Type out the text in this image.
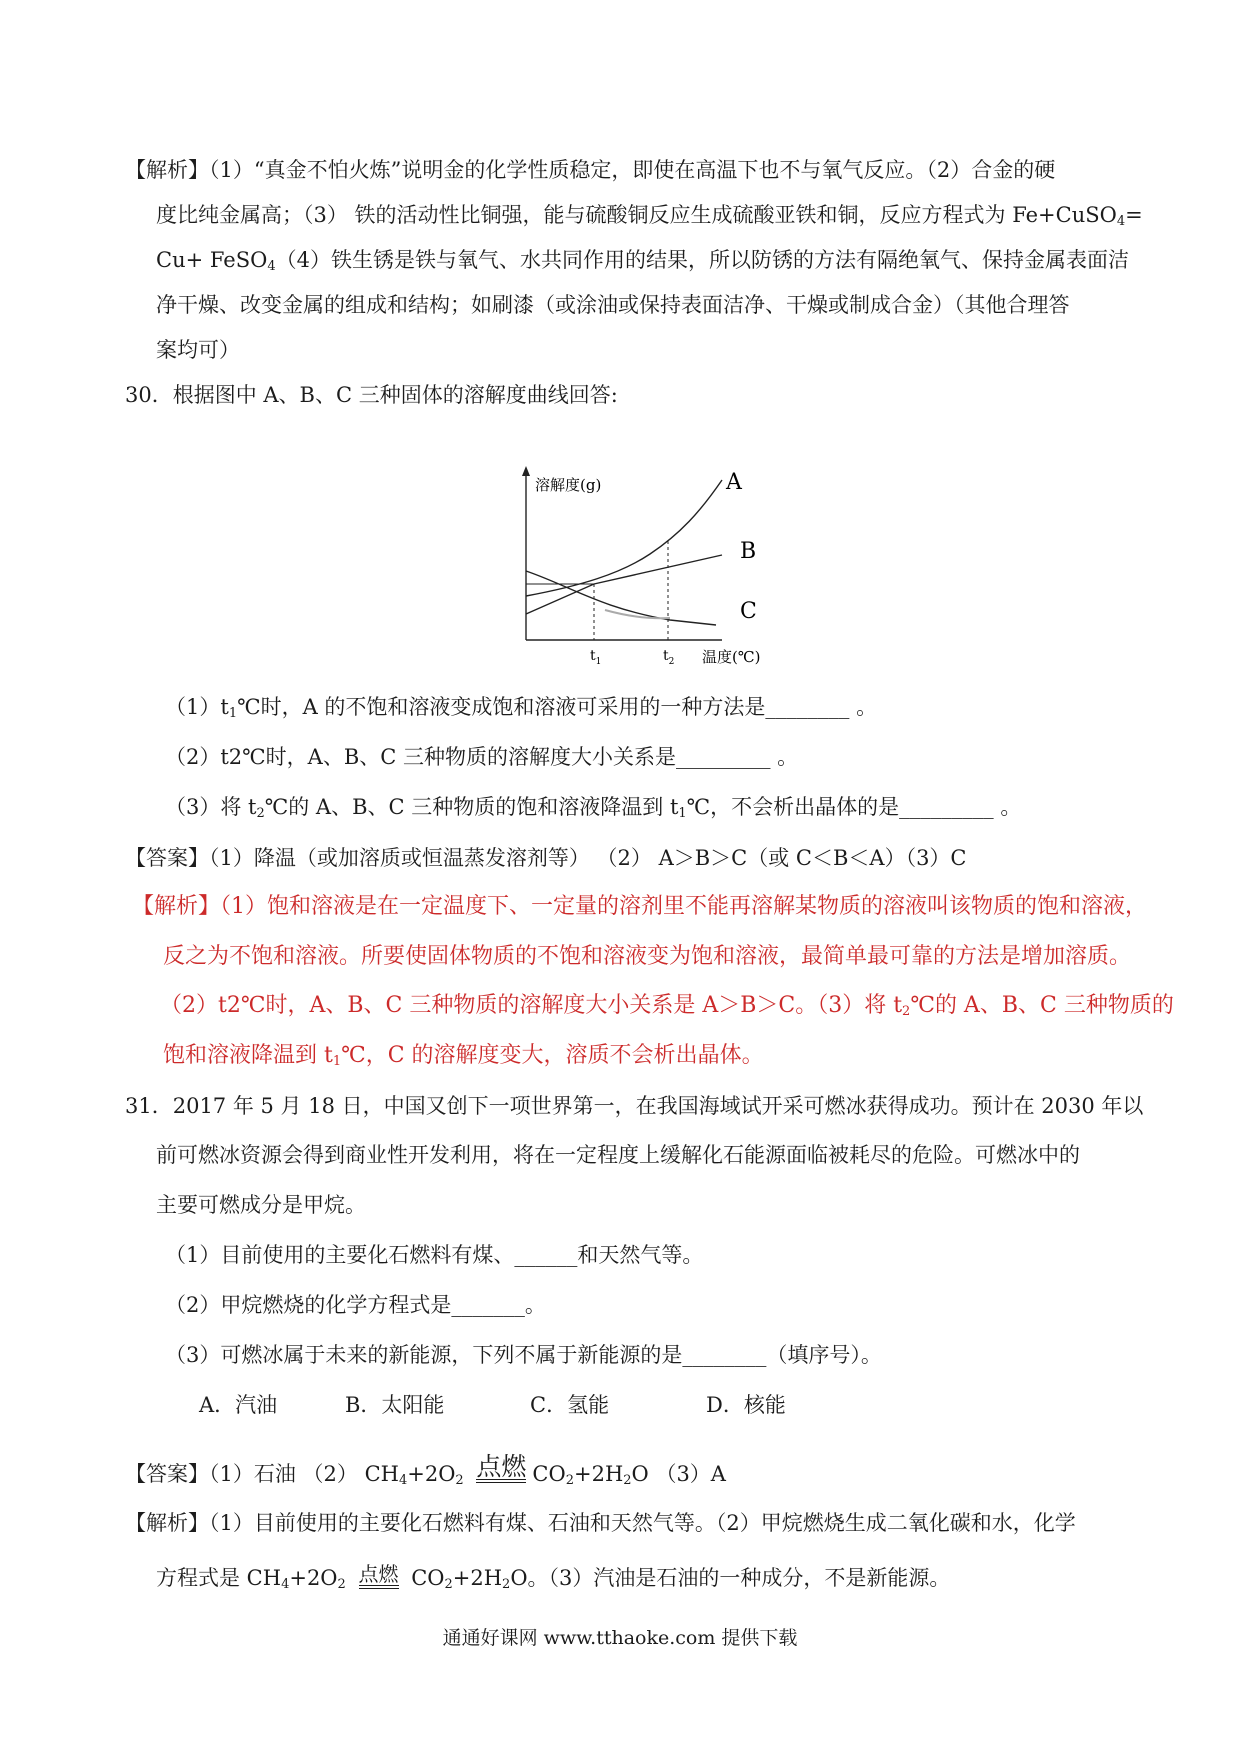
【解析】（1）“真金不怕火炼”说明金的化学性质稳定，即使在高温下也不与氧气反应。（2）合金的硬
度比纯金属高；（3） 铁的活动性比铜强，能与硫酸铜反应生成硫酸亚铁和铜，反应方程式为 Fe+CuSO$_4$=
Cu+ FeSO$_4$（4）铁生锈是铁与氧气、水共同作用的结果，所以防锈的方法有隔绝氧气、保持金属表面洁
净干燥、改变金属的组成和结构；如刷漆（或涂油或保持表面洁净、干燥或制成合金）（其他合理答
案均可）
30．根据图中 A、B、C 三种固体的溶解度曲线回答:
溶解度(g)
$t_1$	$t_2$ 温度(℃)
A
B
C
$(1)t_1℃$时，A 的不饱和溶液变成饱和溶液可采用的一种方法是________ 。
（2）t2℃时，A、B、C 三种物质的溶解度大小关系是_________ 。
（3）将 $t_2℃$的 A、B、C 三种物质的饱和溶液降温到 $t_1℃$，不会析出晶体的是_________ 。
【答案】（1）降温（或加溶质或恒温蒸发溶剂等） （2） A＞B＞C（或 C＜B＜A）（3）C
【解析】（1）饱和溶液是在一定温度下、一定量的溶剂里不能再溶解某物质的溶液叫该物质的饱和溶液，
反之为不饱和溶液。所要使固体物质的不饱和溶液变为饱和溶液，最简单最可靠的方法是增加溶质。
（2）t2℃时，A、B、C 三种物质的溶解度大小关系是 A＞B＞C。（3）将 $t_2℃$的 A、B、C 三种物质的
饱和溶液降温到 $t_1℃$，C 的溶解度变大，溶质不会析出晶体。
31．2017 年 5 月 18 日，中国又创下一项世界第一，在我国海域试开采可燃冰获得成功。预计在 2030 年以
前可燃冰资源会得到商业性开发利用，将在一定程度上缓解化石能源面临被耗尽的危险。可燃冰中的
主要可燃成分是甲烷。
（1）目前使用的主要化石燃料有煤、______和天然气等。
（2）甲烷燃烧的化学方程式是_______。
（3）可燃冰属于未来的新能源，下列不属于新能源的是________（填序号）。
A．汽油	B．太阳能	C．氢能	D．核能
【答案】（1）石油 （2） $CH_4+2O_2$ 点燃 $CO_2+2H_2O$ （3）A
【解析】（1）目前使用的主要化石燃料有煤、石油和天然气等。（2）甲烷燃烧生成二氧化碳和水，化学
方程式是 $CH_4+2O_2$ 点燃 $CO_2+2H_2O$。（3）汽油是石油的一种成分，不是新能源。
通通好课网 www.tthaoke.com 提供下载
